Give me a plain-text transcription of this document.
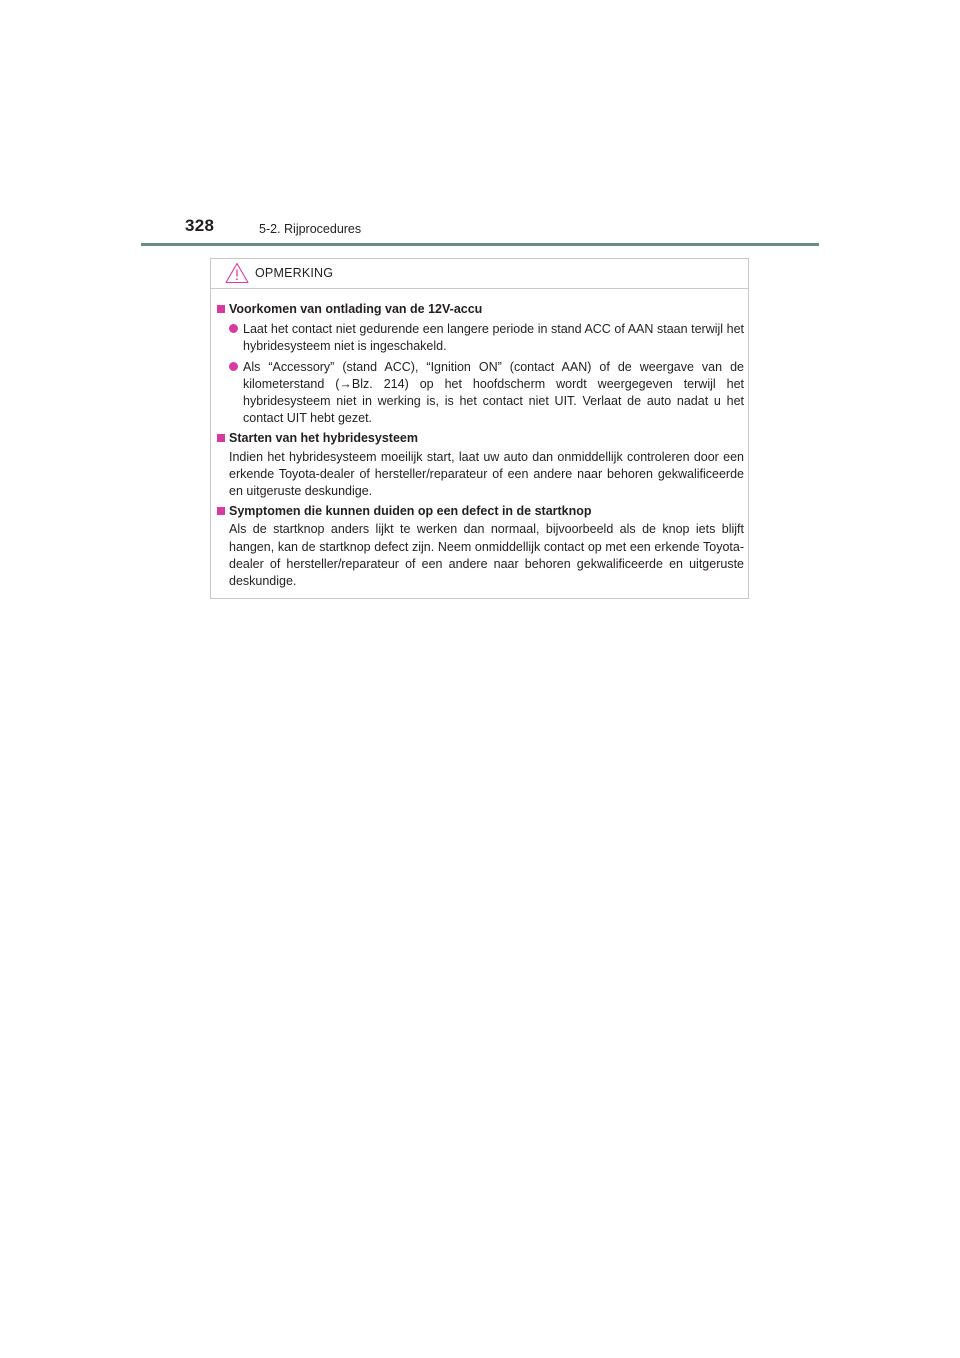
328	5-2. Rijprocedures
OPMERKING
Voorkomen van ontlading van de 12V-accu
Laat het contact niet gedurende een langere periode in stand ACC of AAN staan terwijl het hybridesysteem niet is ingeschakeld.
Als “Accessory” (stand ACC), “Ignition ON” (contact AAN) of de weergave van de kilometerstand (→Blz. 214) op het hoofdscherm wordt weergegeven terwijl het hybridesysteem niet in werking is, is het contact niet UIT. Verlaat de auto nadat u het contact UIT hebt gezet.
Starten van het hybridesysteem
Indien het hybridesysteem moeilijk start, laat uw auto dan onmiddellijk controleren door een erkende Toyota-dealer of hersteller/reparateur of een andere naar behoren gekwalificeerde en uitgeruste deskundige.
Symptomen die kunnen duiden op een defect in de startknop
Als de startknop anders lijkt te werken dan normaal, bijvoorbeeld als de knop iets blijft hangen, kan de startknop defect zijn. Neem onmiddellijk contact op met een erkende Toyota-dealer of hersteller/reparateur of een andere naar behoren gekwalificeerde en uitgeruste deskundige.
